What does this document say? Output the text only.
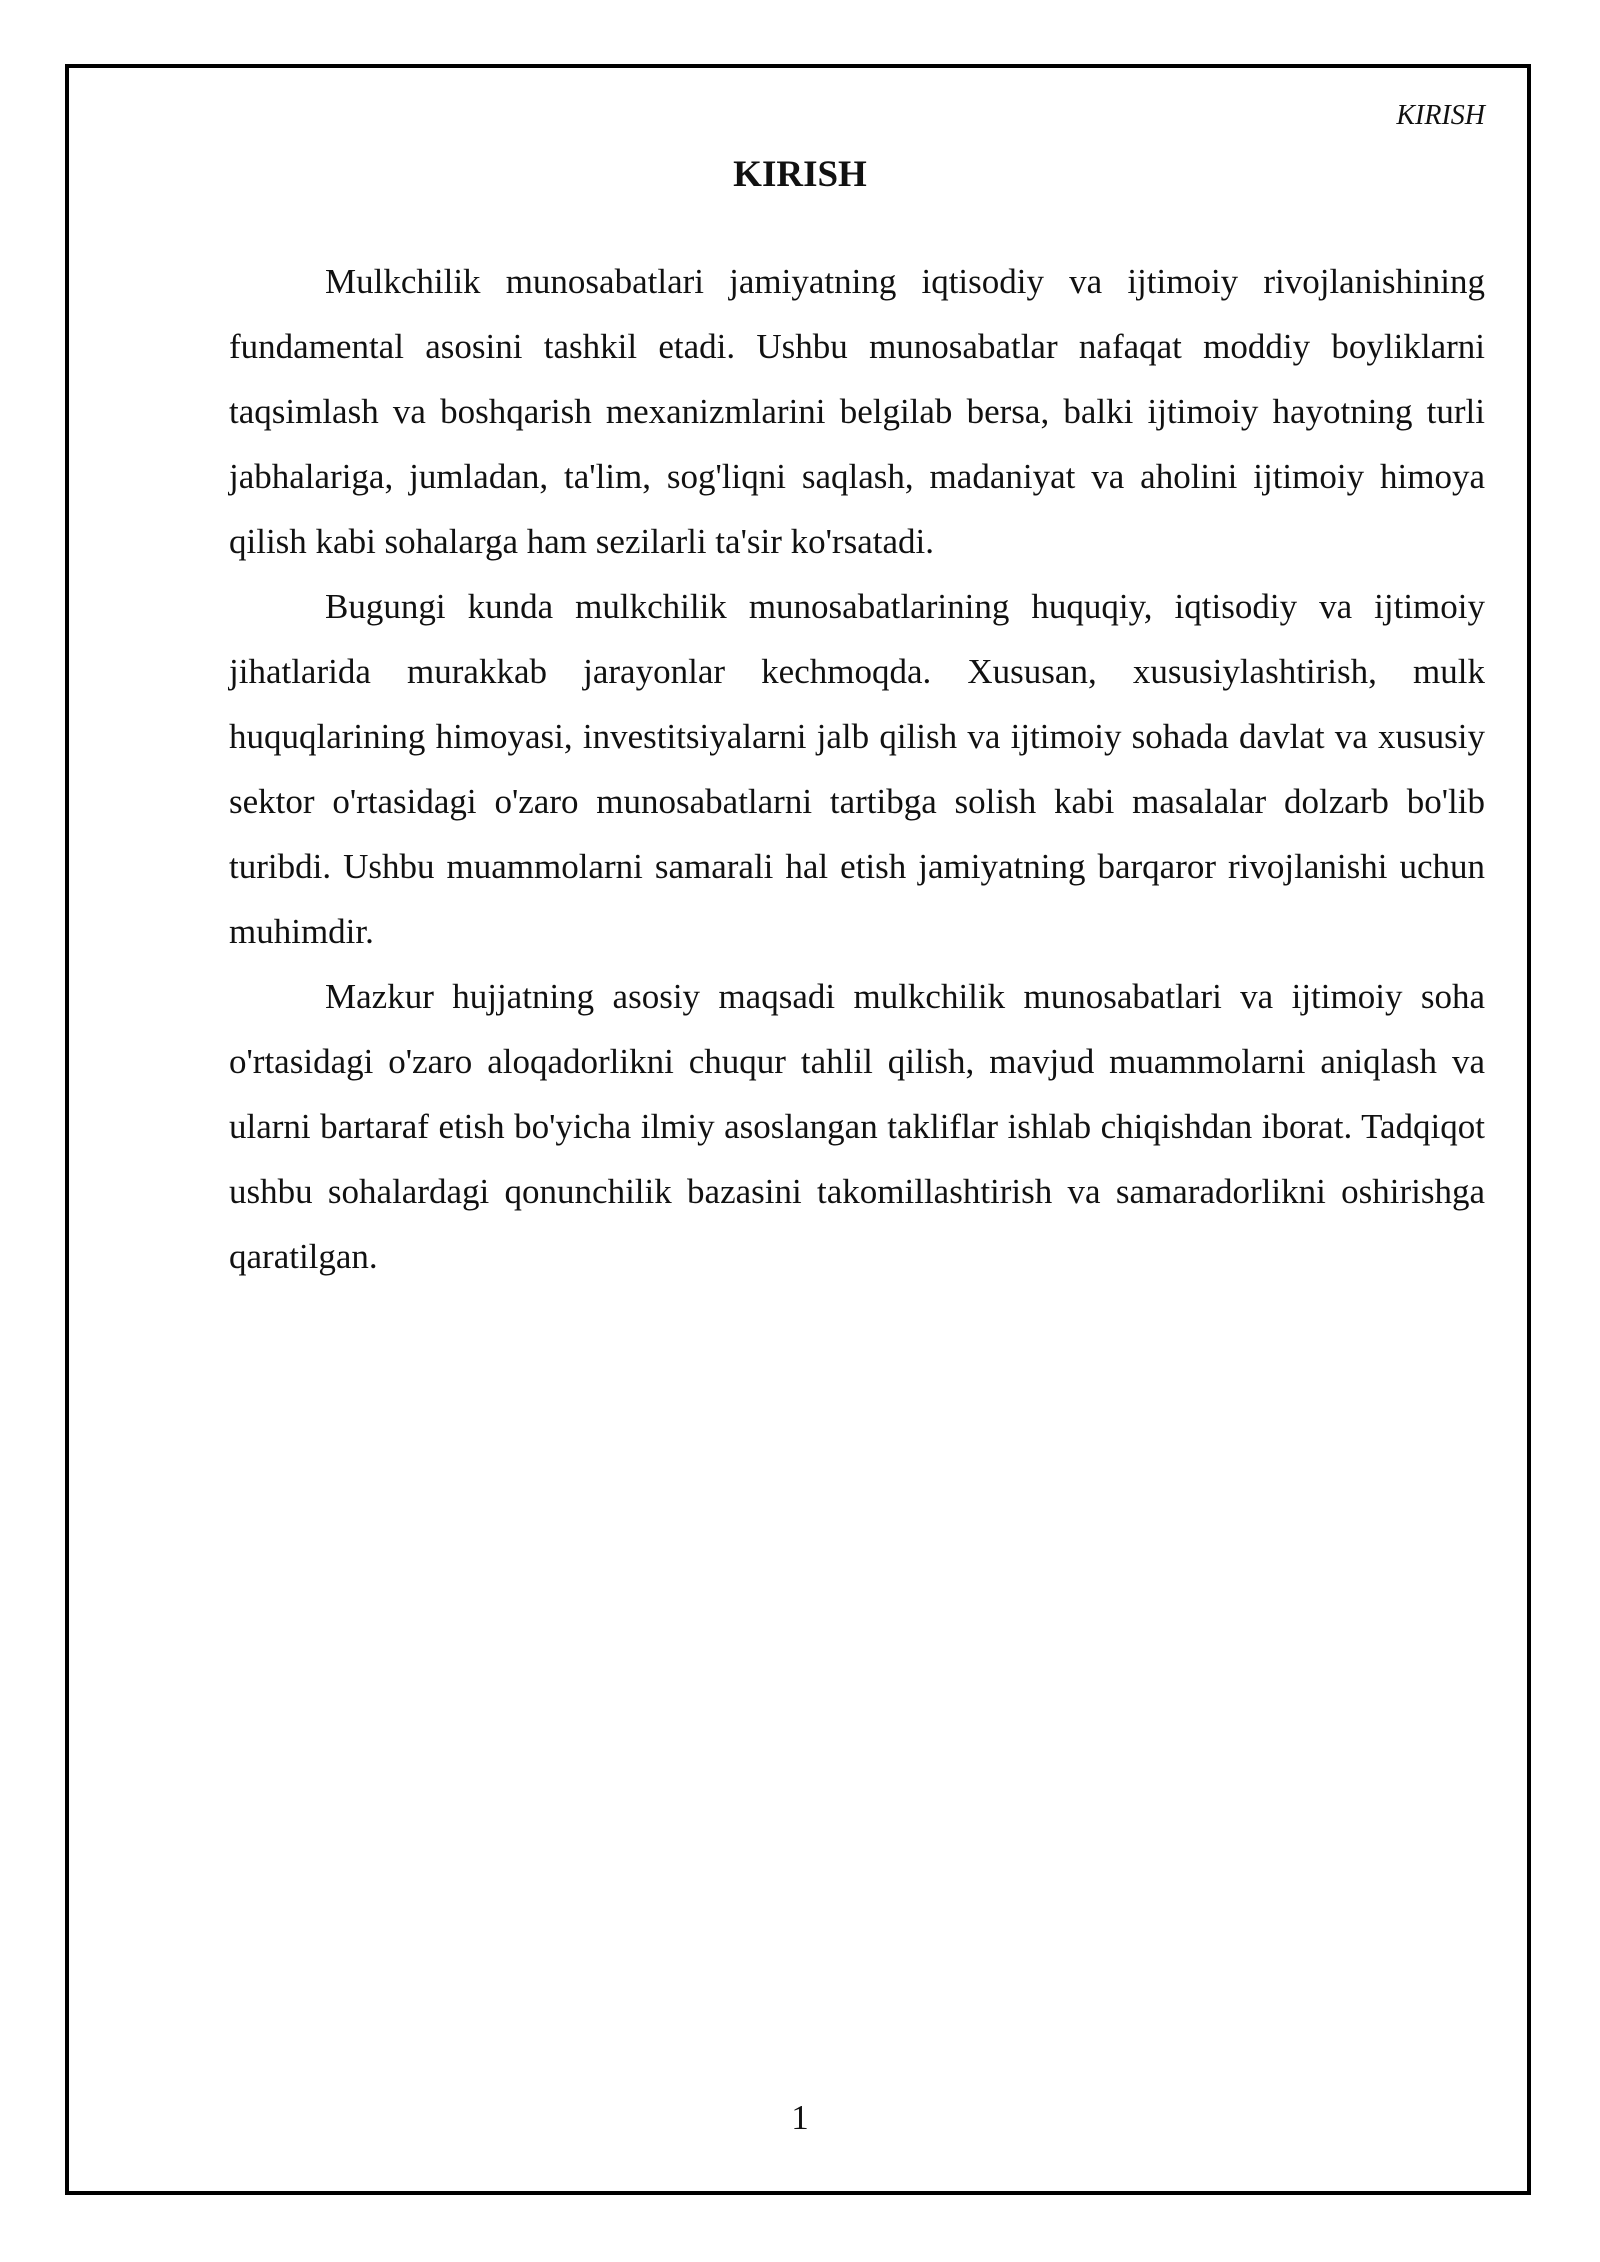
KIRISH

KIRISH

Mulkchilik munosabatlari jamiyatning iqtisodiy va ijtimoiy rivojlanishining fundamental asosini tashkil etadi. Ushbu munosabatlar nafaqat moddiy boyliklarni taqsimlash va boshqarish mexanizmlarini belgilab bersa, balki ijtimoiy hayotning turli jabhalariga, jumladan, ta'lim, sog'liqni saqlash, madaniyat va aholini ijtimoiy himoya qilish kabi sohalarga ham sezilarli ta'sir ko'rsatadi.

Bugungi kunda mulkchilik munosabatlarining huquqiy, iqtisodiy va ijtimoiy jihatlarida murakkab jarayonlar kechmoqda. Xususan, xususiylashtirish, mulk huquqlarining himoyasi, investitsiyalarni jalb qilish va ijtimoiy sohada davlat va xususiy sektor o'rtasidagi o'zaro munosabatlarni tartibga solish kabi masalalar dolzarb bo'lib turibdi. Ushbu muammolarni samarali hal etish jamiyatning barqaror rivojlanishi uchun muhimdir.

Mazkur hujjatning asosiy maqsadi mulkchilik munosabatlari va ijtimoiy soha o'rtasidagi o'zaro aloqadorlikni chuqur tahlil qilish, mavjud muammolarni aniqlash va ularni bartaraf etish bo'yicha ilmiy asoslangan takliflar ishlab chiqishdan iborat. Tadqiqot ushbu sohalardagi qonunchilik bazasini takomillashtirish va samaradorlikni oshirishga qaratilgan.

1
